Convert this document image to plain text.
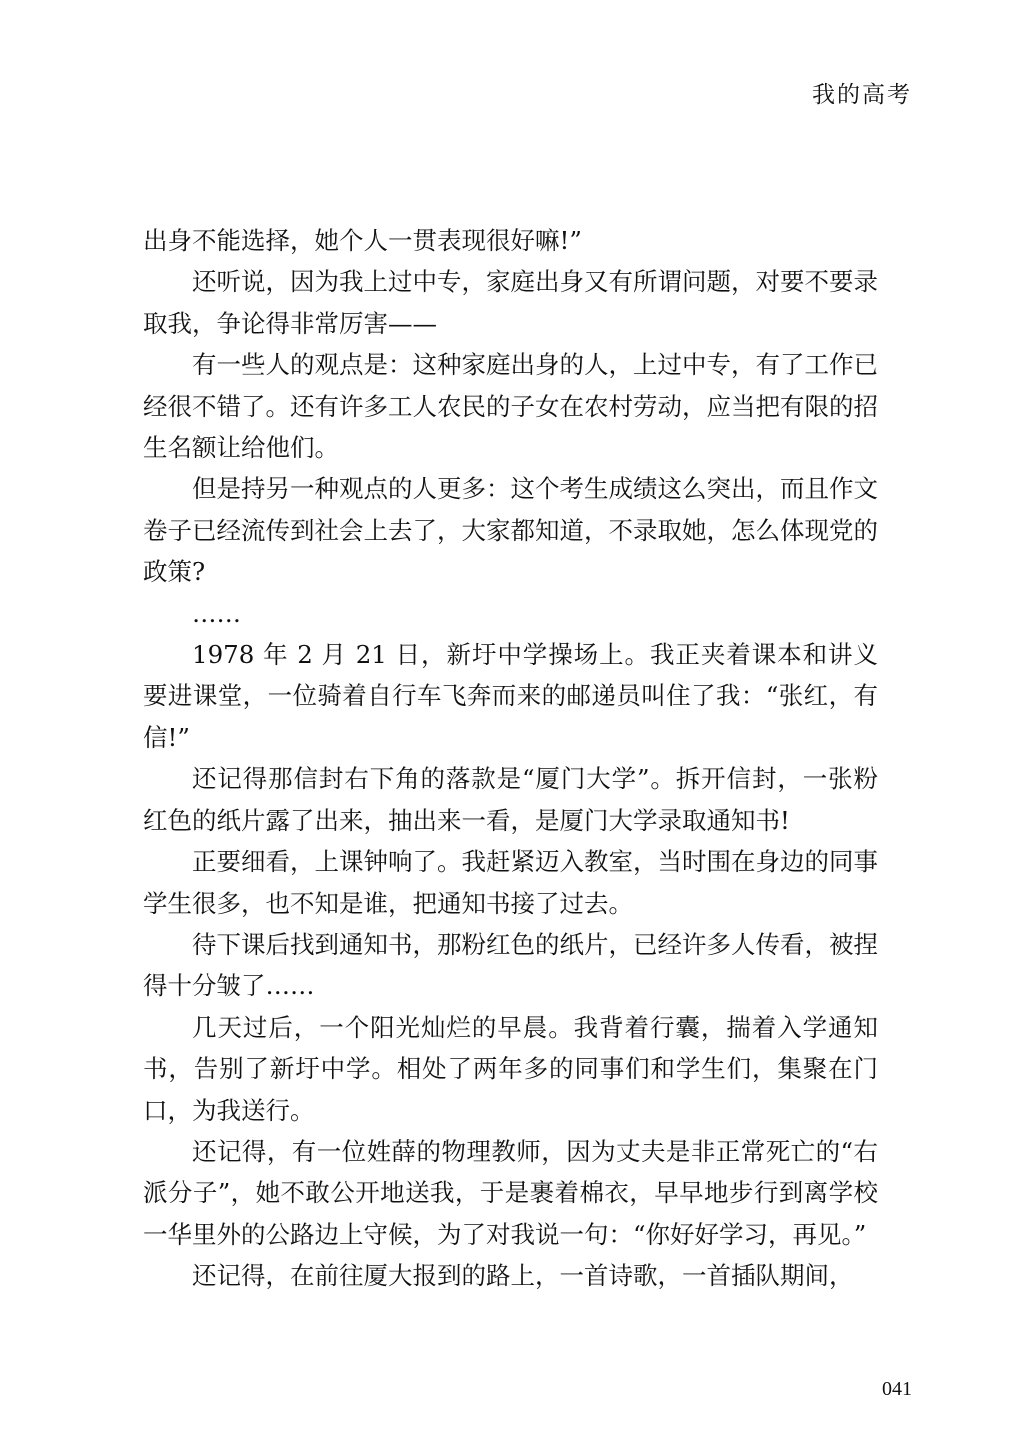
我的高考

出身不能选择，她个人一贯表现很好嘛!”

还听说，因为我上过中专，家庭出身又有所谓问题，对要不要录取我，争论得非常厉害——

有一些人的观点是：这种家庭出身的人，上过中专，有了工作已经很不错了。还有许多工人农民的子女在农村劳动，应当把有限的招生名额让给他们。

但是持另一种观点的人更多：这个考生成绩这么突出，而且作文卷子已经流传到社会上去了，大家都知道，不录取她，怎么体现党的政策?

……

1978 年 2 月 21 日，新圩中学操场上。我正夹着课本和讲义要进课堂，一位骑着自行车飞奔而来的邮递员叫住了我：“张红，有信!”

还记得那信封右下角的落款是“厦门大学”。拆开信封，一张粉红色的纸片露了出来，抽出来一看，是厦门大学录取通知书!

正要细看，上课钟响了。我赶紧迈入教室，当时围在身边的同事学生很多，也不知是谁，把通知书接了过去。

待下课后找到通知书，那粉红色的纸片，已经许多人传看，被捏得十分皱了……

几天过后，一个阳光灿烂的早晨。我背着行囊，揣着入学通知书，告别了新圩中学。相处了两年多的同事们和学生们，集聚在门口，为我送行。

还记得，有一位姓薛的物理教师，因为丈夫是非正常死亡的“右派分子”，她不敢公开地送我，于是裹着棉衣，早早地步行到离学校一华里外的公路边上守候，为了对我说一句：“你好好学习，再见。”

还记得，在前往厦大报到的路上，一首诗歌，一首插队期间，

041
